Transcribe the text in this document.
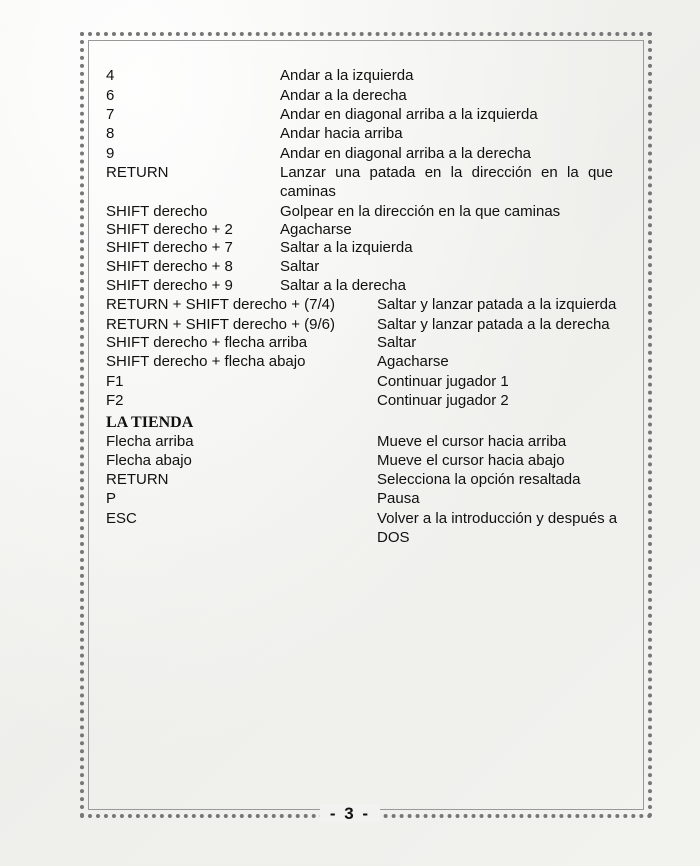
4	Andar a la izquierda
6	Andar a la derecha
7	Andar en diagonal arriba a la izquierda
8	Andar hacia arriba
9	Andar en diagonal arriba a la derecha
RETURN	Lanzar una patada en la dirección en la que caminas
SHIFT derecho	Golpear en la dirección en la que caminas
SHIFT derecho + 2	Agacharse
SHIFT derecho + 7	Saltar a la izquierda
SHIFT derecho + 8	Saltar
SHIFT derecho + 9	Saltar a la derecha
RETURN + SHIFT derecho + (7/4)	Saltar y lanzar patada a la izquierda
RETURN + SHIFT derecho + (9/6)	Saltar y lanzar patada a la derecha
SHIFT derecho + flecha arriba	Saltar
SHIFT derecho + flecha abajo	Agacharse
F1	Continuar jugador 1
F2	Continuar jugador 2
LA TIENDA
Flecha arriba	Mueve el cursor hacia arriba
Flecha abajo	Mueve el cursor hacia abajo
RETURN	Selecciona la opción resaltada
P	Pausa
ESC	Volver a la introducción y después a DOS
- 3 -
